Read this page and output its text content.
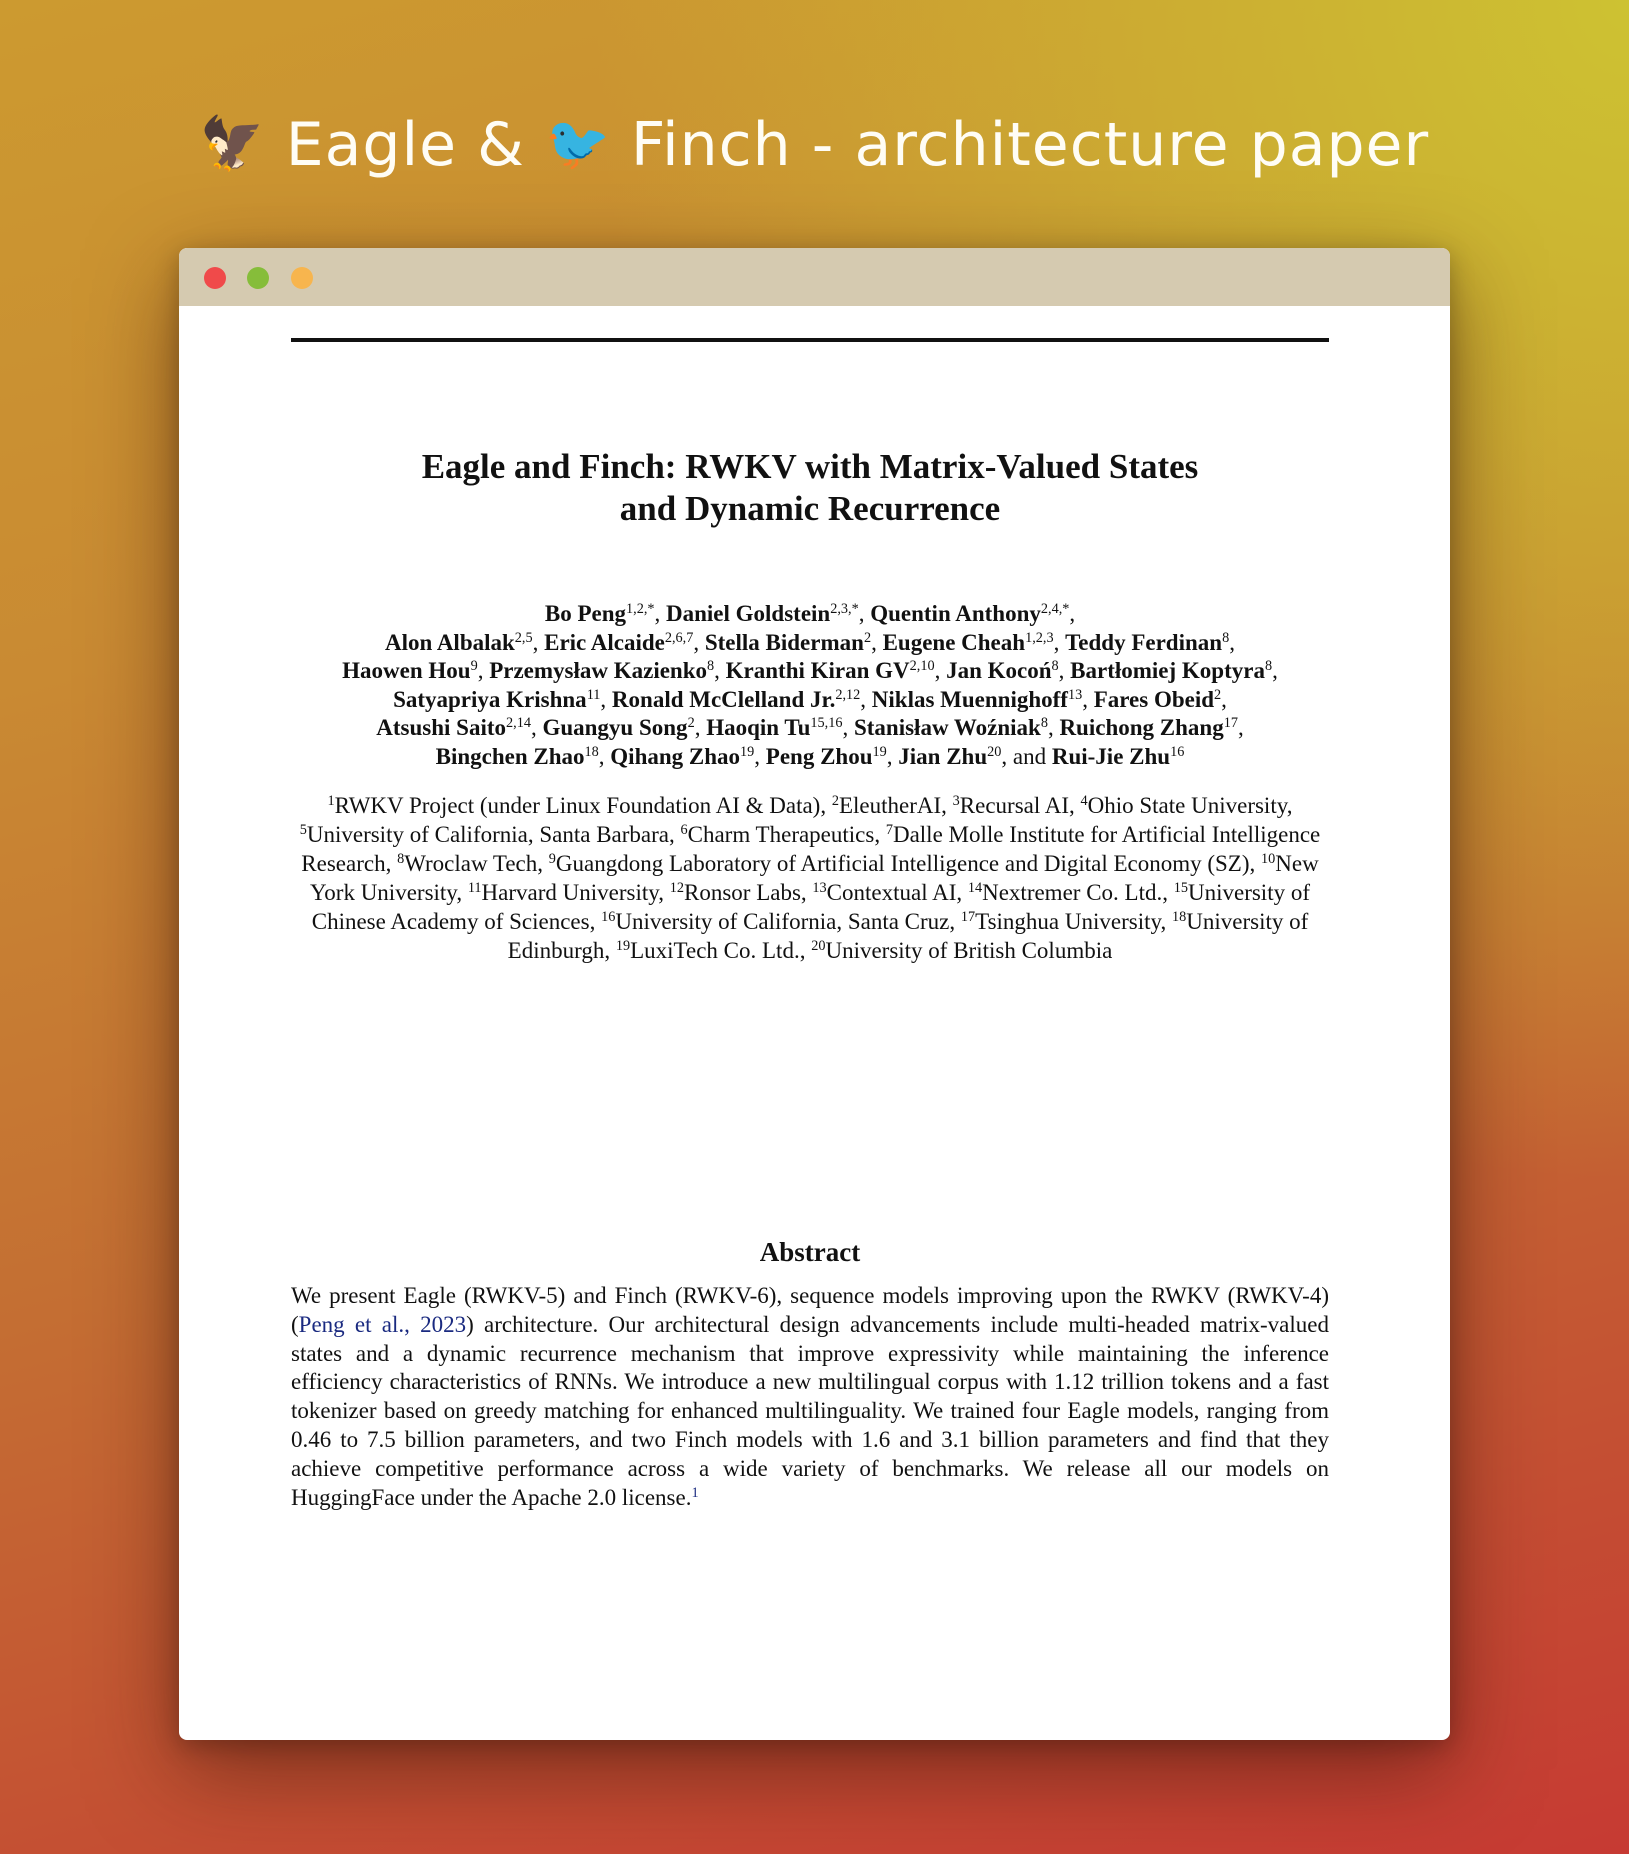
🦅 Eagle & 🐦 Finch - architecture paper
Eagle and Finch: RWKV with Matrix-Valued States
and Dynamic Recurrence
Bo Peng$^{1,2,*}$, Daniel Goldstein$^{2,3,*}$, Quentin Anthony$^{2,4,*}$,
Alon Albalak$^{2,5}$, Eric Alcaide$^{2,6,7}$, Stella Biderman$^2$, Eugene Cheah$^{1,2,3}$, Teddy Ferdinan$^8$,
Haowen Hou$^9$, Przemysław Kazienko$^8$, Kranthi Kiran GV$^{2,10}$, Jan Kocoń$^8$, Bartłomiej Koptyra$^8$,
Satyapriya Krishna$^{11}$, Ronald McClelland Jr.$^{2,12}$, Niklas Muennighoff$^{13}$, Fares Obeid$^2$,
Atsushi Saito$^{2,14}$, Guangyu Song$^2$, Haoqin Tu$^{15,16}$, Stanisław Woźniak$^8$, Ruichong Zhang$^{17}$,
Bingchen Zhao$^{18}$, Qihang Zhao$^{19}$, Peng Zhou$^{19}$, Jian Zhu$^{20}$, and Rui-Jie Zhu$^{16}$
$^1$RWKV Project (under Linux Foundation AI & Data), $^2$EleutherAI, $^3$Recursal AI, $^4$Ohio State University, $^5$University of California, Santa Barbara, $^6$Charm Therapeutics, $^7$Dalle Molle Institute for Artificial Intelligence Research, $^8$Wroclaw Tech, $^9$Guangdong Laboratory of Artificial Intelligence and Digital Economy (SZ), $^{10}$New York University, $^{11}$Harvard University, $^{12}$Ronsor Labs, $^{13}$Contextual AI, $^{14}$Nextremer Co. Ltd., $^{15}$University of Chinese Academy of Sciences, $^{16}$University of California, Santa Cruz, $^{17}$Tsinghua University, $^{18}$University of Edinburgh, $^{19}$LuxiTech Co. Ltd., $^{20}$University of British Columbia
Abstract
We present Eagle (RWKV-5) and Finch (RWKV-6), sequence models improving upon the RWKV (RWKV-4) (Peng et al., 2023) architecture. Our architectural design advancements include multi-headed matrix-valued states and a dynamic recurrence mechanism that improve expressivity while maintaining the inference efficiency characteristics of RNNs. We introduce a new multilingual corpus with 1.12 trillion tokens and a fast tokenizer based on greedy matching for enhanced multilinguality. We trained four Eagle models, ranging from 0.46 to 7.5 billion parameters, and two Finch models with 1.6 and 3.1 billion parameters and find that they achieve competitive performance across a wide variety of benchmarks. We release all our models on HuggingFace under the Apache 2.0 license.$^1$
